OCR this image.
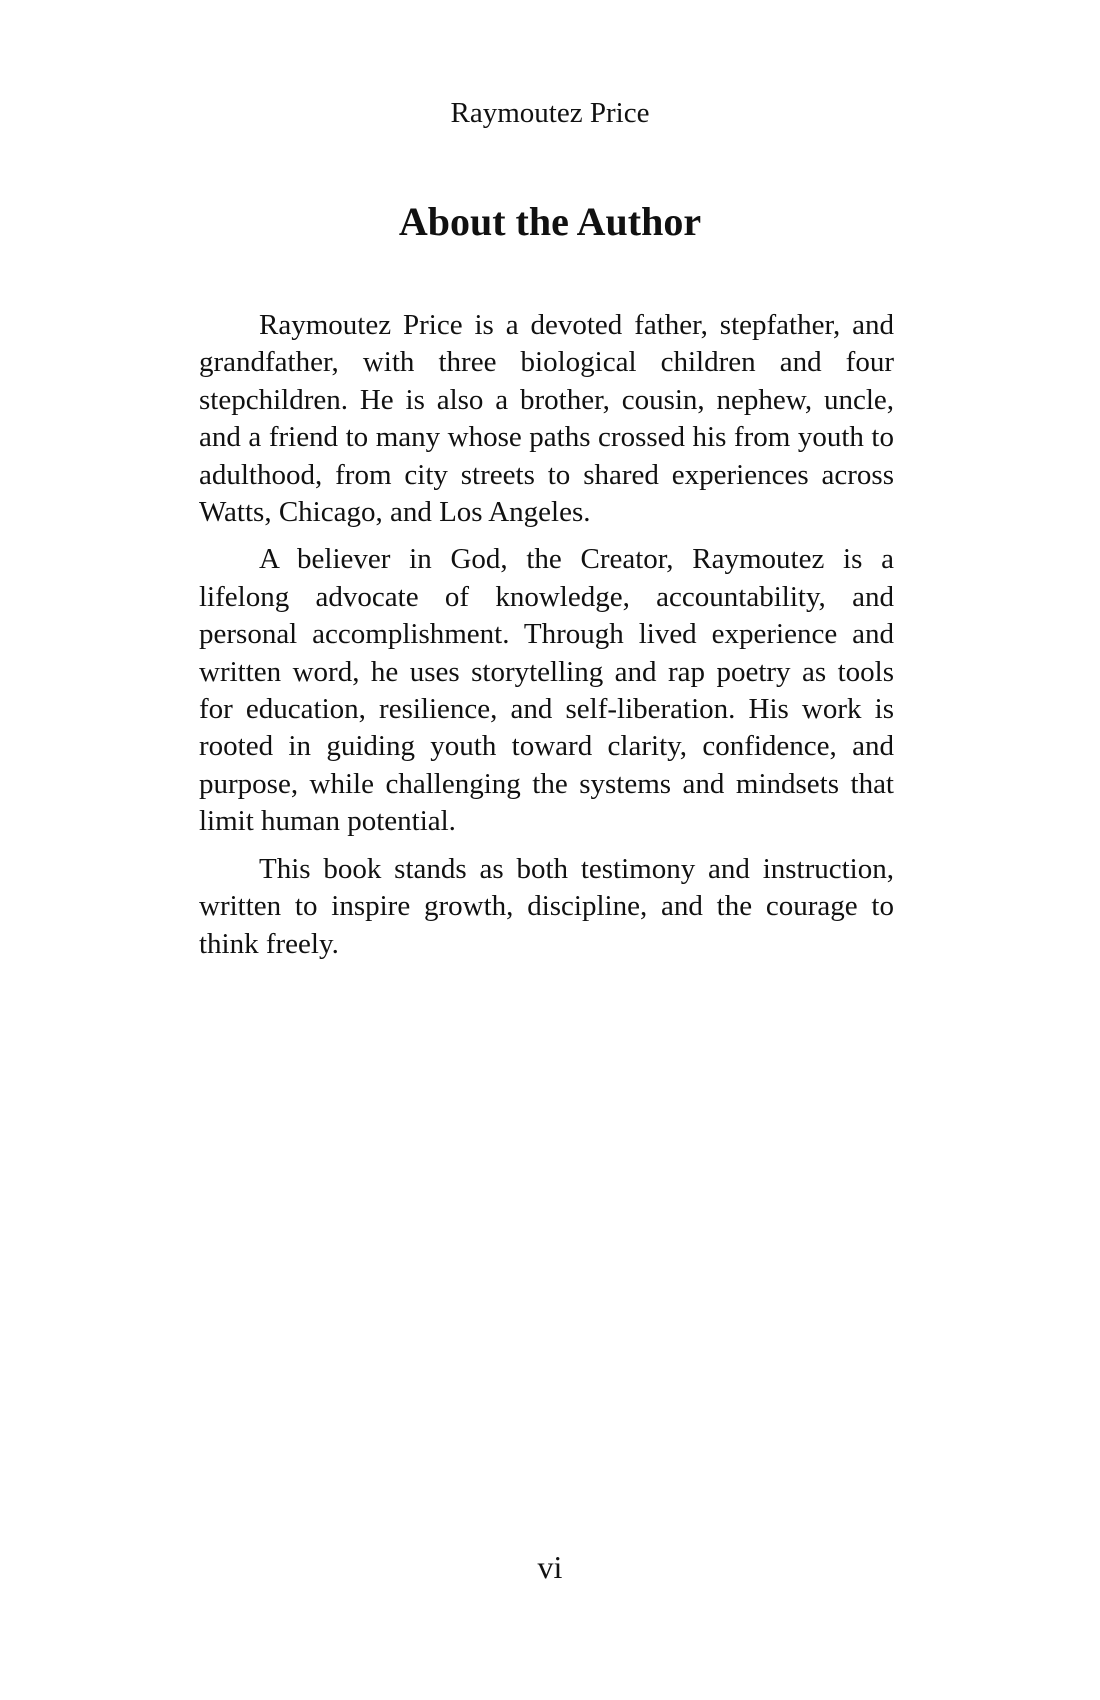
Raymoutez Price
About the Author

Raymoutez Price is a devoted father, stepfather, and grandfather, with three biological children and four stepchildren. He is also a brother, cousin, nephew, uncle, and a friend to many whose paths crossed his from youth to adulthood, from city streets to shared experiences across Watts, Chicago, and Los Angeles.

A believer in God, the Creator, Raymoutez is a lifelong advocate of knowledge, accountability, and personal accomplishment. Through lived experience and written word, he uses storytelling and rap poetry as tools for education, resilience, and self-liberation. His work is rooted in guiding youth toward clarity, confidence, and purpose, while challenging the systems and mindsets that limit human potential.

This book stands as both testimony and instruction, written to inspire growth, discipline, and the courage to think freely.

vi
